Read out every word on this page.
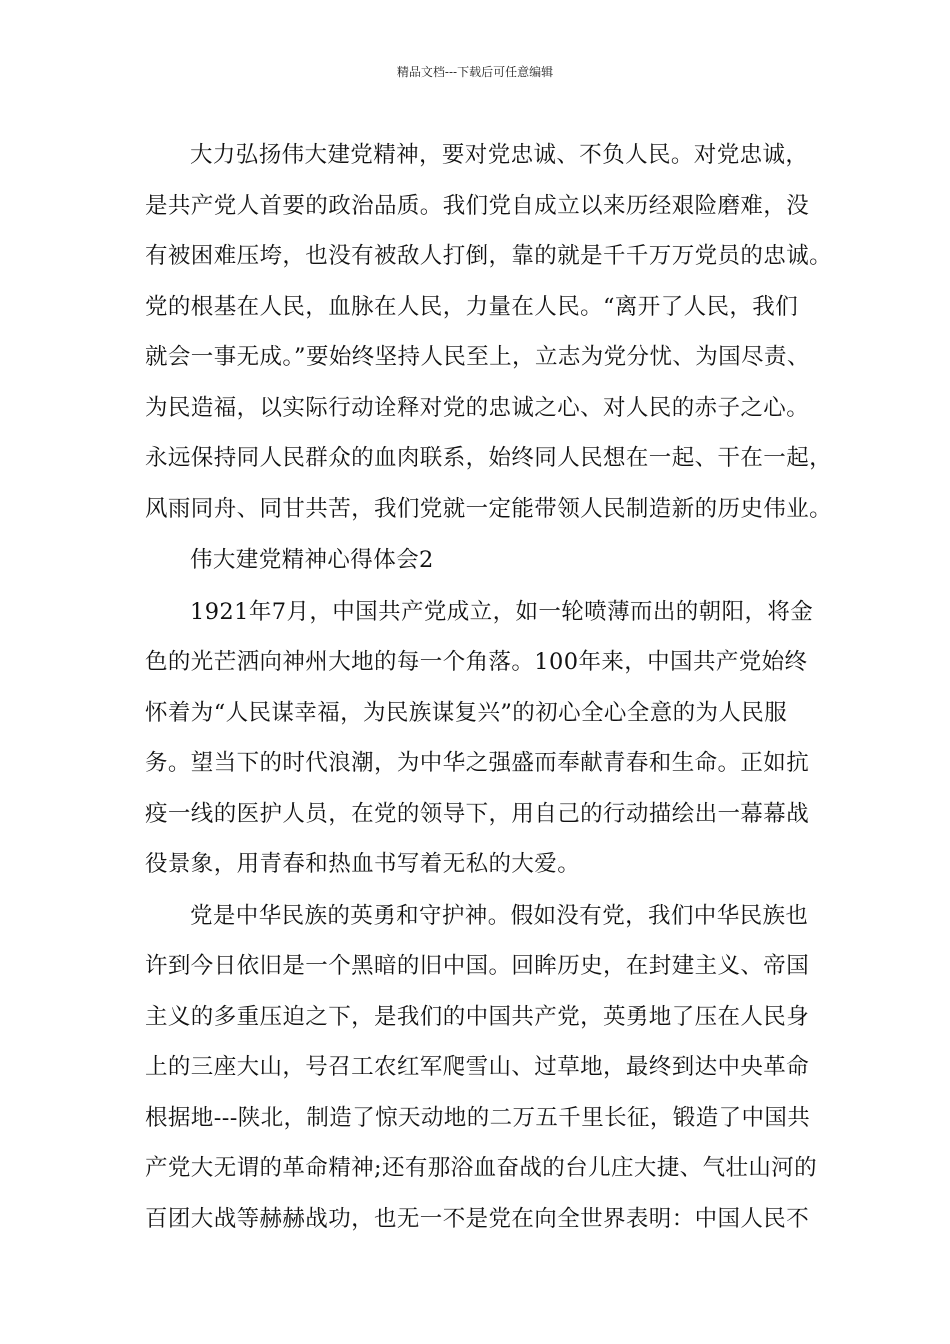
精品文档---下载后可任意编辑

大力弘扬伟大建党精神，要对党忠诚、不负人民。对党忠诚，
是共产党人首要的政治品质。我们党自成立以来历经艰险磨难，没
有被困难压垮，也没有被敌人打倒，靠的就是千千万万党员的忠诚。
党的根基在人民，血脉在人民，力量在人民。“离开了人民，我们
就会一事无成。”要始终坚持人民至上，立志为党分忧、为国尽责、
为民造福，以实际行动诠释对党的忠诚之心、对人民的赤子之心。
永远保持同人民群众的血肉联系，始终同人民想在一起、干在一起，
风雨同舟、同甘共苦，我们党就一定能带领人民制造新的历史伟业。

伟大建党精神心得体会2

1921年7月，中国共产党成立，如一轮喷薄而出的朝阳，将金
色的光芒洒向神州大地的每一个角落。100年来，中国共产党始终
怀着为“人民谋幸福，为民族谋复兴”的初心全心全意的为人民服
务。望当下的时代浪潮，为中华之强盛而奉献青春和生命。正如抗
疫一线的医护人员，在党的领导下，用自己的行动描绘出一幕幕战
役景象，用青春和热血书写着无私的大爱。

党是中华民族的英勇和守护神。假如没有党，我们中华民族也
许到今日依旧是一个黑暗的旧中国。回眸历史，在封建主义、帝国
主义的多重压迫之下，是我们的中国共产党，英勇地了压在人民身
上的三座大山，号召工农红军爬雪山、过草地，最终到达中央革命
根据地---陕北，制造了惊天动地的二万五千里长征，锻造了中国共
产党大无谓的革命精神;还有那浴血奋战的台儿庄大捷、气壮山河的
百团大战等赫赫战功，也无一不是党在向全世界表明：中国人民不
